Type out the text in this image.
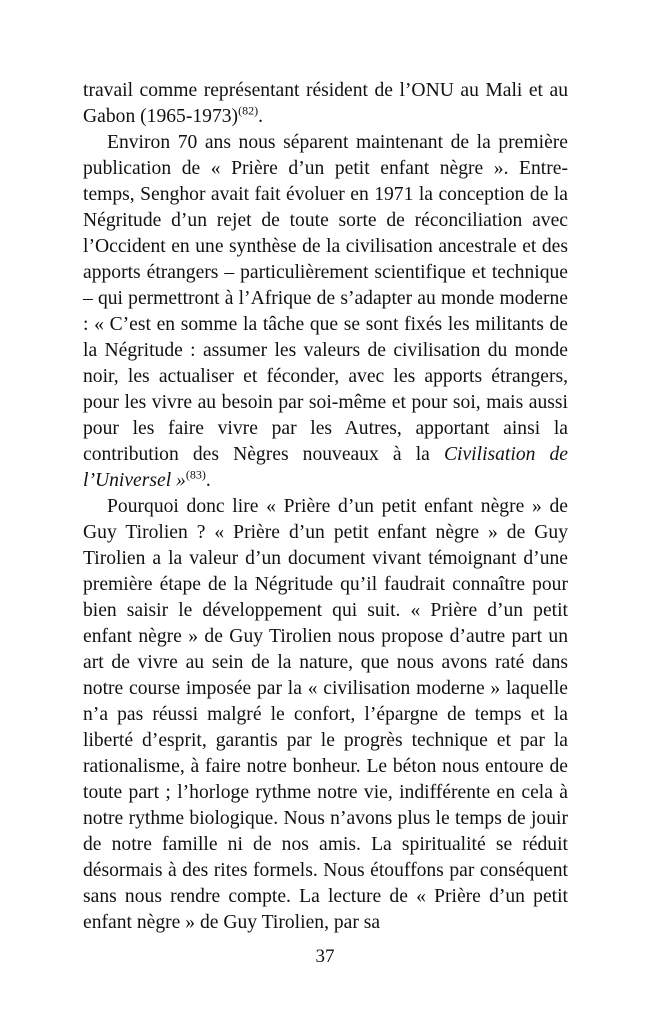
travail comme représentant résident de l’ONU au Mali et au Gabon (1965-1973)$^{(82)}$.

Environ 70 ans nous séparent maintenant de la première publication de « Prière d’un petit enfant nègre ». Entre-temps, Senghor avait fait évoluer en 1971 la conception de la Négritude d’un rejet de toute sorte de réconciliation avec l’Occident en une synthèse de la civilisation ancestrale et des apports étrangers – particulièrement scientifique et technique – qui permettront à l’Afrique de s’adapter au monde moderne : « C’est en somme la tâche que se sont fixés les militants de la Négritude : assumer les valeurs de civilisation du monde noir, les actualiser et féconder, avec les apports étrangers, pour les vivre au besoin par soi-même et pour soi, mais aussi pour les faire vivre par les Autres, apportant ainsi la contribution des Nègres nouveaux à la Civilisation de l’Universel »$^{(83)}$.

Pourquoi donc lire « Prière d’un petit enfant nègre » de Guy Tirolien ? « Prière d’un petit enfant nègre » de Guy Tirolien a la valeur d’un document vivant témoignant d’une première étape de la Négritude qu’il faudrait connaître pour bien saisir le développement qui suit. « Prière d’un petit enfant nègre » de Guy Tirolien nous propose d’autre part un art de vivre au sein de la nature, que nous avons raté dans notre course imposée par la « civilisation moderne » laquelle n’a pas réussi malgré le confort, l’épargne de temps et la liberté d’esprit, garantis par le progrès technique et par la rationalisme, à faire notre bonheur. Le béton nous entoure de toute part ; l’horloge rythme notre vie, indifférente en cela à notre rythme biologique. Nous n’avons plus le temps de jouir de notre famille ni de nos amis. La spiritualité se réduit désormais à des rites formels. Nous étouffons par conséquent sans nous rendre compte. La lecture de « Prière d’un petit enfant nègre » de Guy Tirolien, par sa

37
